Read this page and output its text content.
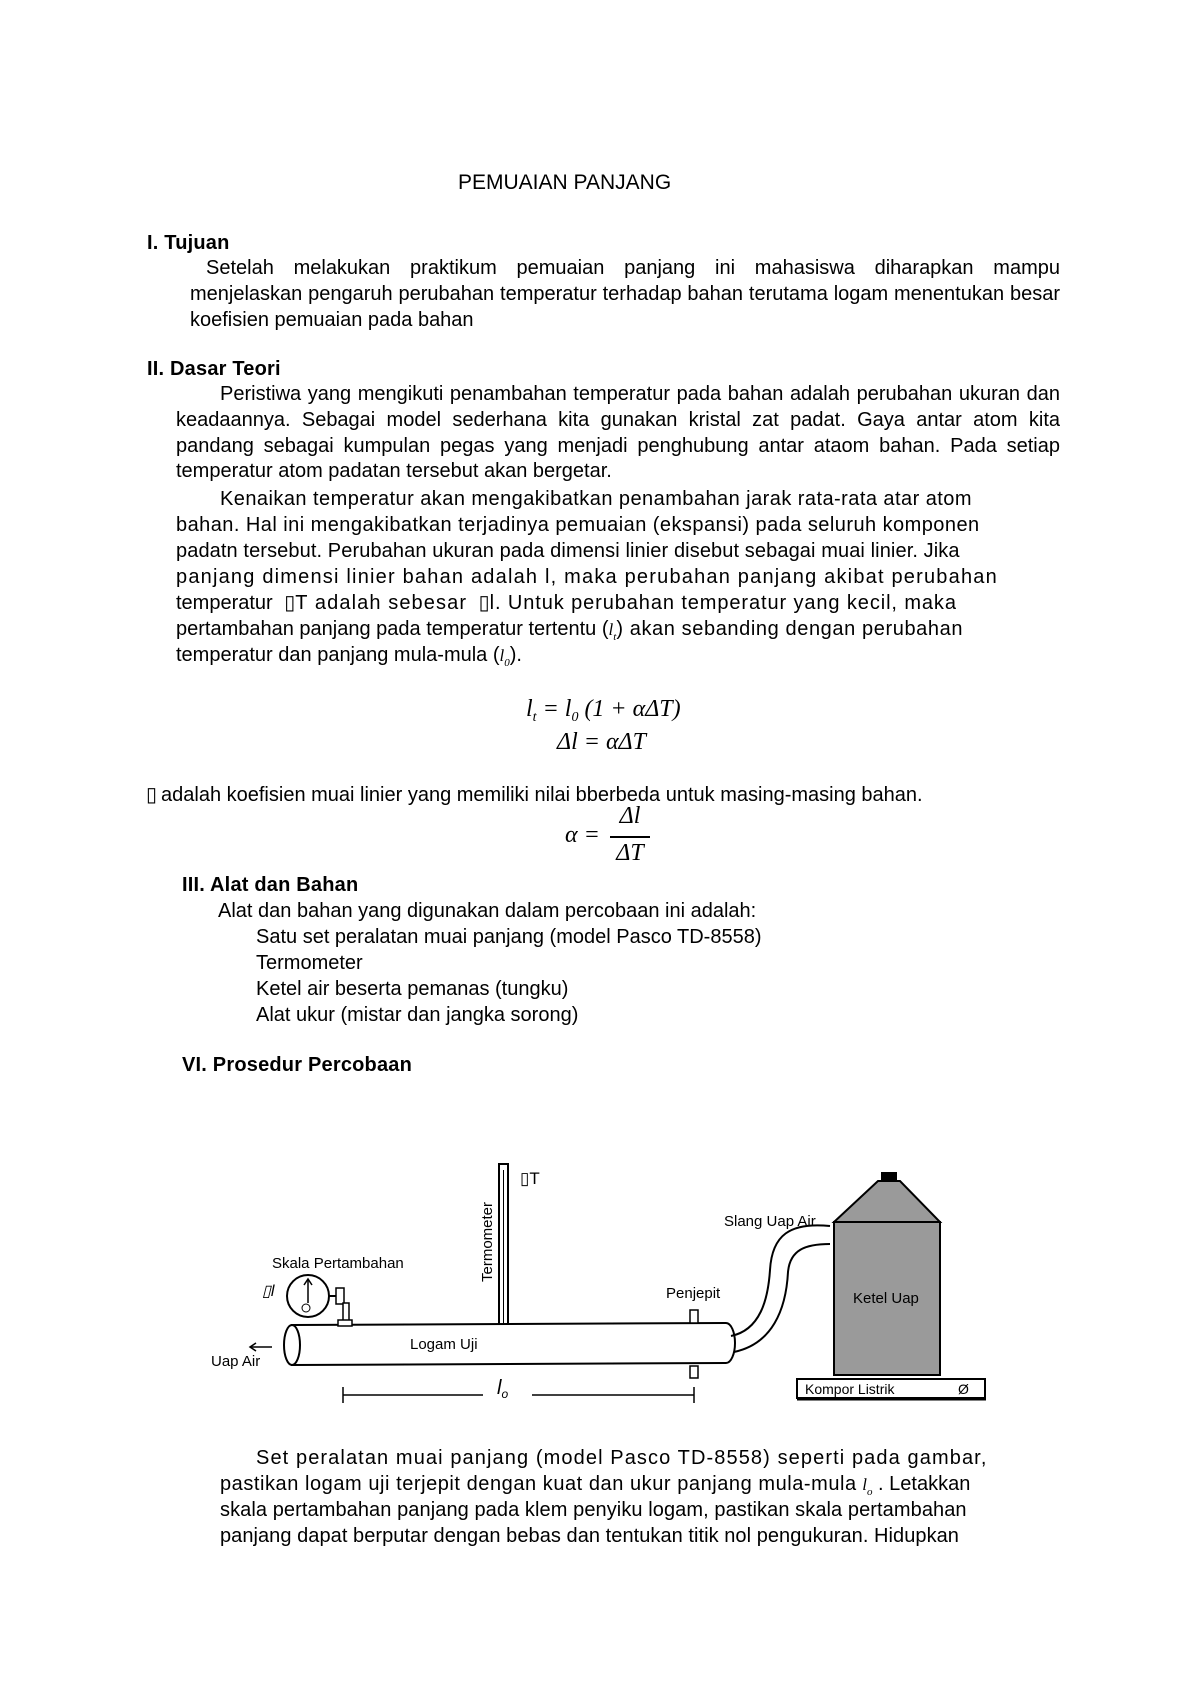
PEMUAIAN PANJANG
I. Tujuan

Setelah melakukan praktikum pemuaian panjang ini mahasiswa diharapkan mampu menjelaskan pengaruh perubahan temperatur terhadap bahan terutama logam menentukan besar koefisien pemuaian pada bahan

II. Dasar Teori

Peristiwa yang mengikuti penambahan temperatur pada bahan adalah perubahan ukuran dan keadaannya. Sebagai model sederhana kita gunakan kristal zat padat. Gaya antar atom kita pandang sebagai kumpulan pegas yang menjadi penghubung antar ataom bahan. Pada setiap temperatur atom padatan tersebut akan bergetar.

Kenaikan temperatur akan mengakibatkan penambahan jarak rata-rata atar atom
bahan. Hal ini mengakibatkan terjadinya pemuaian (ekspansi) pada seluruh komponen
padatn tersebut. Perubahan ukuran pada dimensi linier disebut sebagai muai linier. Jika
panjang dimensi linier bahan adalah l, maka perubahan panjang akibat perubahan
temperatur ▯T adalah sebesar ▯l. Untuk perubahan temperatur yang kecil, maka
pertambahan panjang pada temperatur tertentu $(l_t)$ akan sebanding dengan perubahan
temperatur dan panjang mula-mula $(l_0)$.
$l_t = l_0$ (1 + αΔT)
Δl = αΔT
▯ adalah koefisien muai linier yang memiliki nilai bberbeda untuk masing-masing bahan.
α =
Δl
ΔT
III. Alat dan Bahan
Alat dan bahan yang digunakan dalam percobaan ini adalah:
Satu set peralatan muai panjang (model Pasco TD-8558)
Termometer
Ketel air beserta pemanas (tungku)
Alat ukur (mistar dan jangka sorong)
VI. Prosedur Percobaan
Termometer
▯T
Logam Uji
Uap Air
Skala Pertambahan
▯l	Penjepit
$l_o$
Slang Uap Air
Ketel Uap
Kompor Listrik	Ø
Set peralatan muai panjang (model Pasco TD-8558) seperti pada gambar,
pastikan logam uji terjepit dengan kuat dan ukur panjang mula-mula $l_o$ . Letakkan
skala pertambahan panjang pada klem penyiku logam, pastikan skala pertambahan
panjang dapat berputar dengan bebas dan tentukan titik nol pengukuran. Hidupkan
